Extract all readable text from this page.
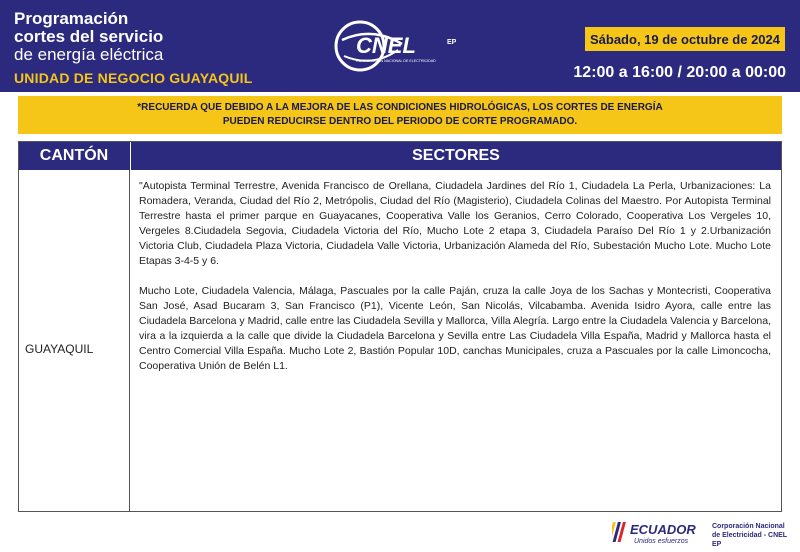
Programación
cortes del servicio
de energía eléctrica
UNIDAD DE NEGOCIO GUAYAQUIL
CNEL	EP
CORPORACIÓN NACIONAL DE ELECTRICIDAD
Sábado, 19 de octubre de 2024
12:00 a 16:00 / 20:00 a 00:00
*RECUERDA QUE DEBIDO A LA MEJORA DE LAS CONDICIONES HIDROLÓGICAS, LOS CORTES DE ENERGÍA
PUEDEN REDUCIRSE DENTRO DEL PERIODO DE CORTE PROGRAMADO.
CANTÓN	SECTORES
GUAYAQUIL

"Autopista Terminal Terrestre, Avenida Francisco de Orellana, Ciudadela Jardines del Río 1, Ciudadela La Perla, Urbanizaciones: La Romadera, Veranda, Ciudad del Río 2, Metrópolis, Ciudad del Río (Magisterio), Ciudadela Colinas del Maestro. Por Autopista Terminal Terrestre hasta el primer parque en Guayacanes, Cooperativa Valle los Geranios, Cerro Colorado, Cooperativa Los Vergeles 10, Vergeles 8.Ciudadela Segovia, Ciudadela Victoria del Río, Mucho Lote 2 etapa 3, Ciudadela Paraíso Del Río 1 y 2.Urbanización Victoria Club, Ciudadela Plaza Victoria, Ciudadela Valle Victoria, Urbanización Alameda del Río, Subestación Mucho Lote. Mucho Lote Etapas 3-4-5 y 6.

Mucho Lote, Ciudadela Valencia, Málaga, Pascuales por la calle Paján, cruza la calle Joya de los Sachas y Montecristi, Cooperativa San José, Asad Bucaram 3, San Francisco (P1), Vicente León, San Nicolás, Vilcabamba. Avenida Isidro Ayora, calle entre las Ciudadela Barcelona y Madrid, calle entre las Ciudadela Sevilla y Mallorca, Villa Alegría. Largo entre la Ciudadela Valencia y Barcelona, vira a la izquierda a la calle que divide la Ciudadela Barcelona y Sevilla entre Las Ciudadela Villa España, Madrid y Mallorca hasta el Centro Comercial Villa España. Mucho Lote 2, Bastión Popular 10D, canchas Municipales, cruza a Pascuales por la calle Limoncocha, Cooperativa Unión de Belén L1.

ECUADOR
Unidos esfuerzos
Corporación Nacional
de Electricidad - CNEL EP
